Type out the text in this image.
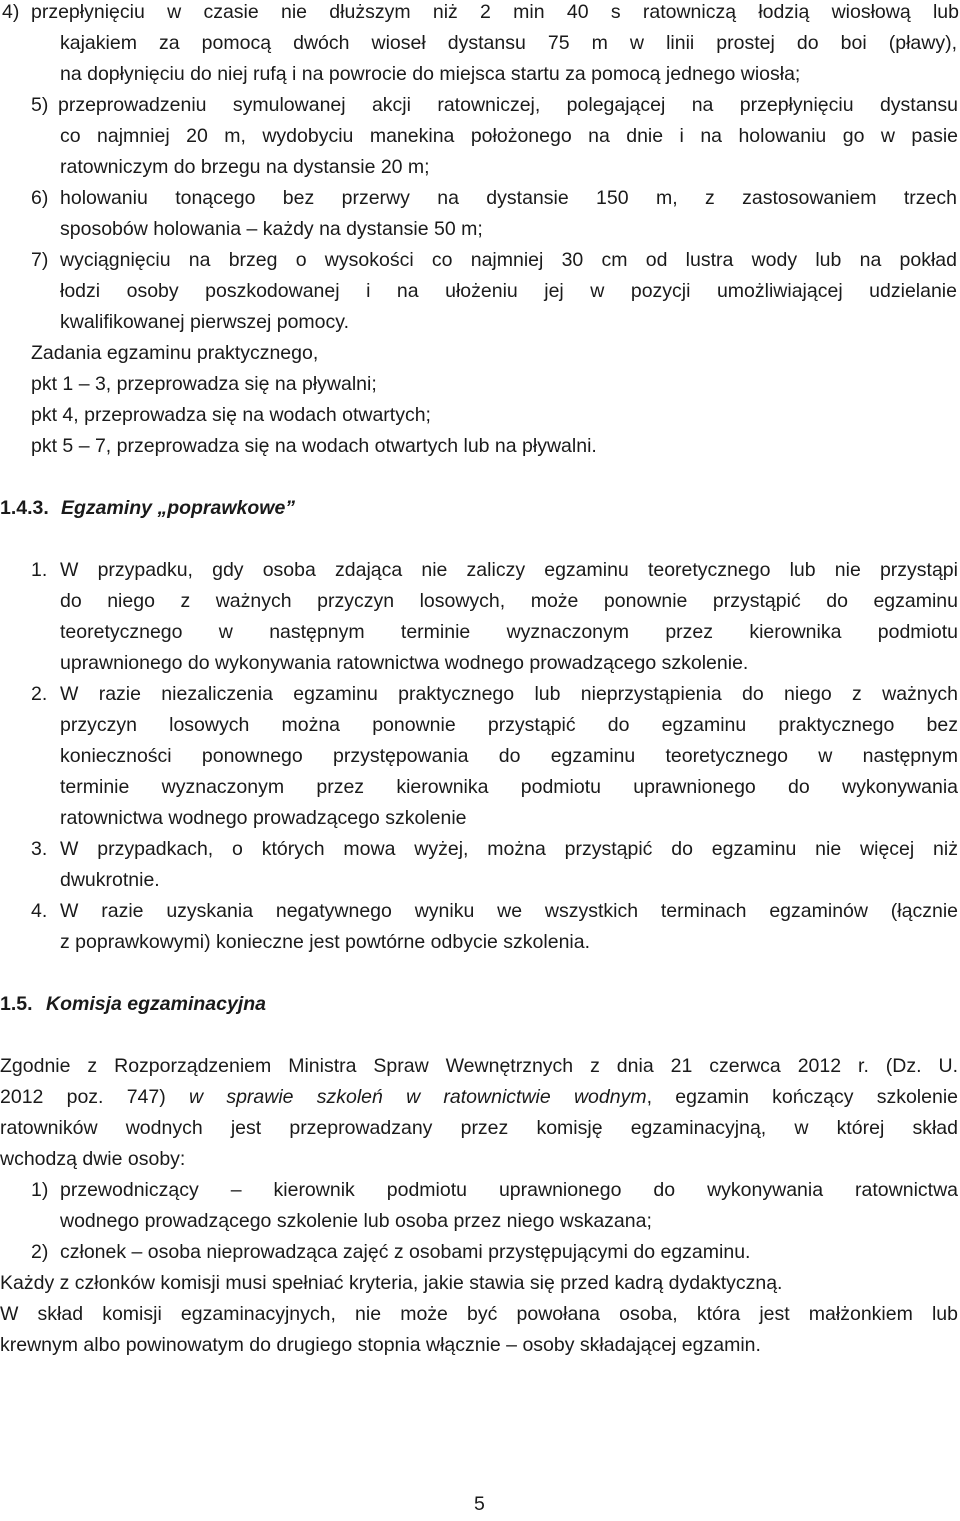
4) przepłynięciu w czasie nie dłuższym niż 2 min 40 s ratowniczą łodzią wiosłową lub
kajakiem za pomocą dwóch wioseł dystansu 75 m w linii prostej do boi (pławy),
na dopłynięciu do niej rufą i na powrocie do miejsca startu za pomocą jednego wiosła;
5) przeprowadzeniu symulowanej akcji ratowniczej, polegającej na przepłynięciu dystansu
co najmniej 20 m, wydobyciu manekina położonego na dnie i na holowaniu go w pasie
ratowniczym do brzegu na dystansie 20 m;
6) holowaniu tonącego bez przerwy na dystansie 150 m, z zastosowaniem trzech
sposobów holowania – każdy na dystansie 50 m;
7) wyciągnięciu na brzeg o wysokości co najmniej 30 cm od lustra wody lub na pokład
łodzi osoby poszkodowanej i na ułożeniu jej w pozycji umożliwiającej udzielanie
kwalifikowanej pierwszej pomocy.
Zadania egzaminu praktycznego,
pkt 1 – 3, przeprowadza się na pływalni;
pkt 4, przeprowadza się na wodach otwartych;
pkt 5 – 7, przeprowadza się na wodach otwartych lub na pływalni.
1.4.3. Egzaminy „poprawkowe”
1. W przypadku, gdy osoba zdająca nie zaliczy egzaminu teoretycznego lub nie przystąpi
do niego z ważnych przyczyn losowych, może ponownie przystąpić do egzaminu
teoretycznego w następnym terminie wyznaczonym przez kierownika podmiotu
uprawnionego do wykonywania ratownictwa wodnego prowadzącego szkolenie.
2. W razie niezaliczenia egzaminu praktycznego lub nieprzystąpienia do niego z ważnych
przyczyn losowych można ponownie przystąpić do egzaminu praktycznego bez
konieczności ponownego przystępowania do egzaminu teoretycznego w następnym
terminie wyznaczonym przez kierownika podmiotu uprawnionego do wykonywania
ratownictwa wodnego prowadzącego szkolenie
3. W przypadkach, o których mowa wyżej, można przystąpić do egzaminu nie więcej niż
dwukrotnie.
4. W razie uzyskania negatywnego wyniku we wszystkich terminach egzaminów (łącznie
z poprawkowymi) konieczne jest powtórne odbycie szkolenia.
1.5. Komisja egzaminacyjna
Zgodnie z Rozporządzeniem Ministra Spraw Wewnętrznych z dnia 21 czerwca 2012 r. (Dz. U.
2012 poz. 747) w sprawie szkoleń w ratownictwie wodnym, egzamin kończący szkolenie
ratowników wodnych jest przeprowadzany przez komisję egzaminacyjną, w której skład
wchodzą dwie osoby:
1) przewodniczący – kierownik podmiotu uprawnionego do wykonywania ratownictwa
wodnego prowadzącego szkolenie lub osoba przez niego wskazana;
2) członek – osoba nieprowadząca zajęć z osobami przystępującymi do egzaminu.
Każdy z członków komisji musi spełniać kryteria, jakie stawia się przed kadrą dydaktyczną.
W skład komisji egzaminacyjnych, nie może być powołana osoba, która jest małżonkiem lub
krewnym albo powinowatym do drugiego stopnia włącznie – osoby składającej egzamin.
5
